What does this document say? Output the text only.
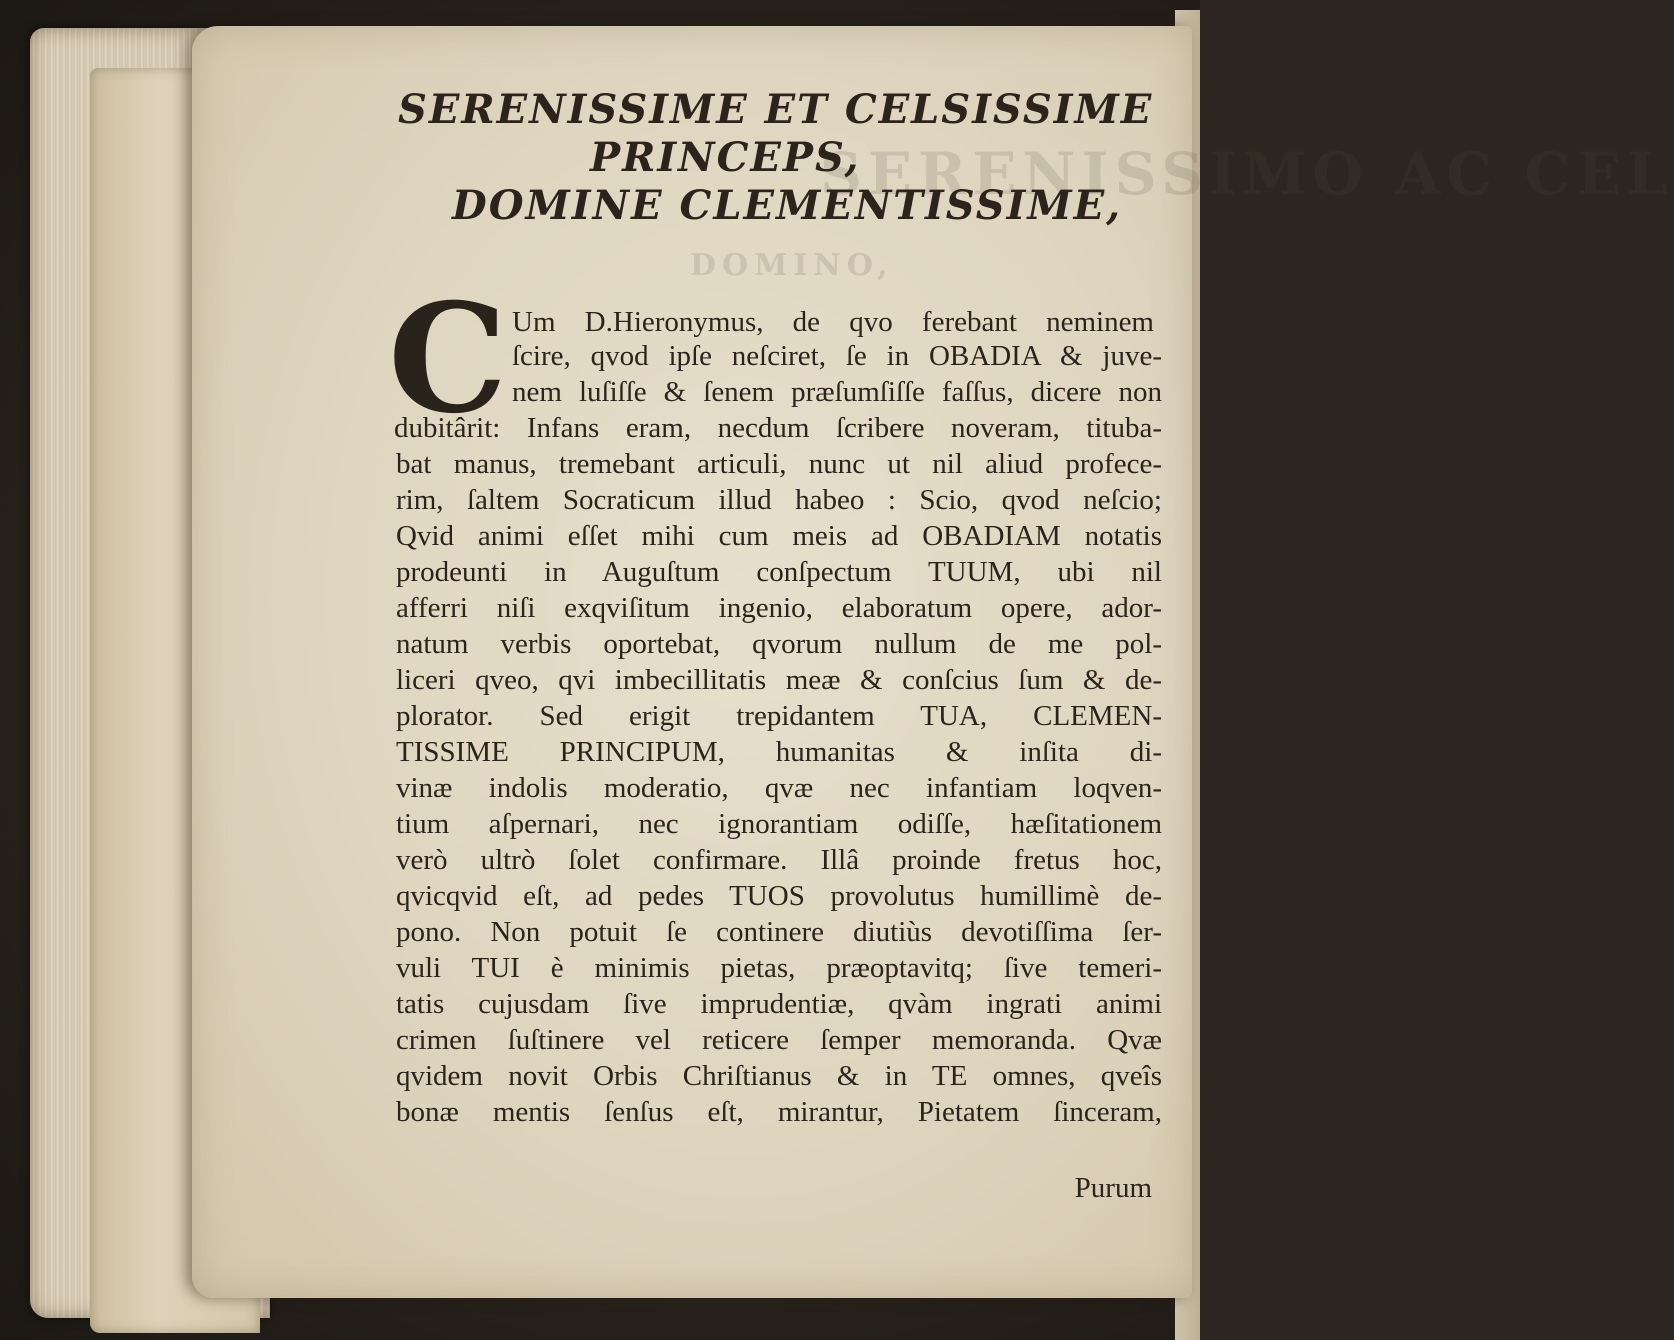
SERENISSIMO AC CEL
DOMINO,
SERENISSIME ET CELSISSIME
PRINCEPS,
DOMINE CLEMENTISSIME,
C Um D.Hieronymus, de qvo ferebant neminem
ſcire, qvod ipſe neſciret, ſe in OBADIA & juve-
nem luſiſſe & ſenem præſumſiſſe faſſus, dicere non
dubitârit: Infans eram, necdum ſcribere noveram, tituba-
bat manus, tremebant articuli, nunc ut nil aliud profece-
rim, ſaltem Socraticum illud habeo : Scio, qvod neſcio;
Qvid animi eſſet mihi cum meis ad OBADIAM notatis
prodeunti in Auguſtum conſpectum TUUM, ubi nil
afferri niſi exqviſitum ingenio, elaboratum opere, ador-
natum verbis oportebat, qvorum nullum de me pol-
liceri qveo, qvi imbecillitatis meæ & conſcius ſum & de-
plorator. Sed erigit trepidantem TUA, CLEMEN-
TISSIME PRINCIPUM, humanitas & inſita di-
vinæ indolis moderatio, qvæ nec infantiam loqven-
tium aſpernari, nec ignorantiam odiſſe, hæſitationem
verò ultrò ſolet confirmare. Illâ proinde fretus hoc,
qvicqvid eſt, ad pedes TUOS provolutus humillimè de-
pono. Non potuit ſe continere diutiùs devotiſſima ſer-
vuli TUI è minimis pietas, præoptavitq; ſive temeri-
tatis cujusdam ſive imprudentiæ, qvàm ingrati animi
crimen ſuſtinere vel reticere ſemper memoranda. Qvæ
qvidem novit Orbis Chriſtianus & in TE omnes, qveîs
bonæ mentis ſenſus eſt, mirantur, Pietatem ſinceram,
Purum
